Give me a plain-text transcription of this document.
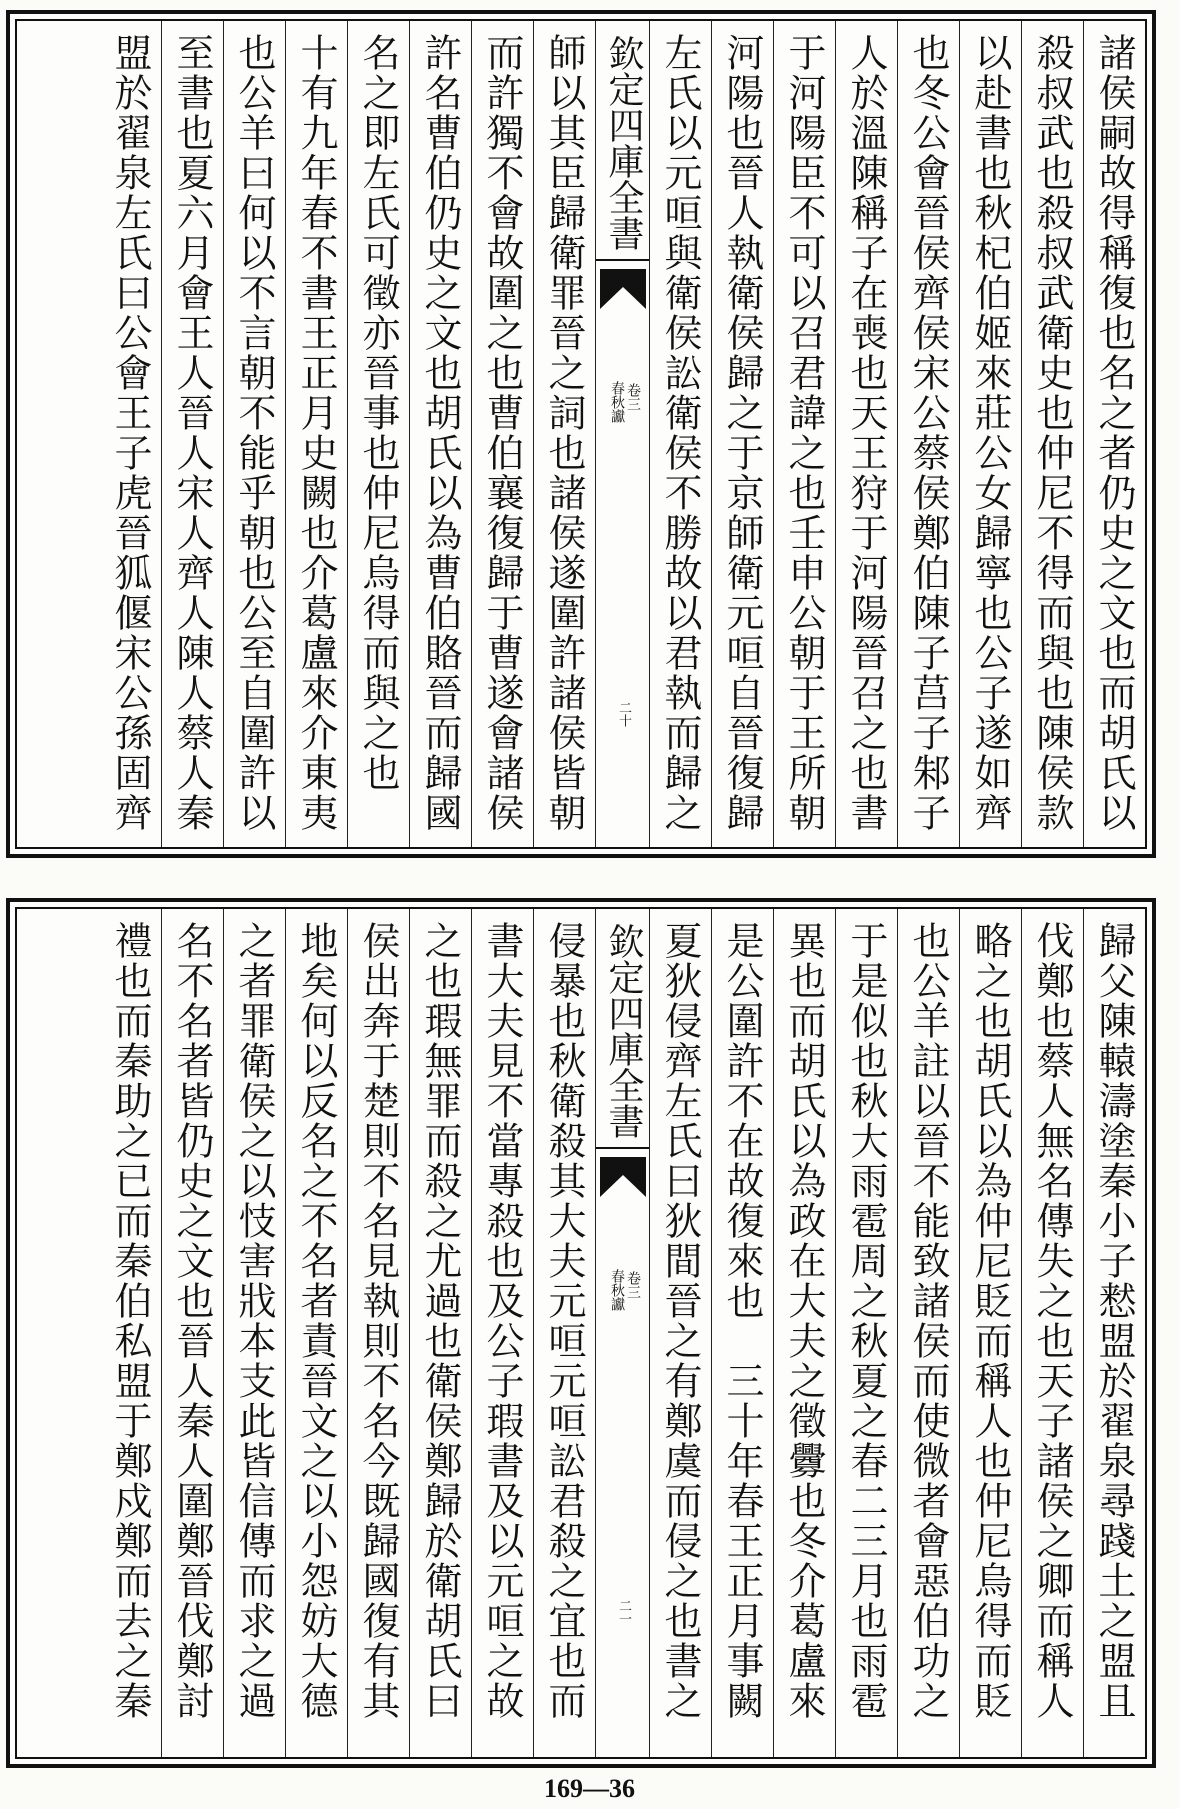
諸侯嗣故得稱復也名之者仍史之文也而胡氏以
殺叔武也殺叔武衛史也仲尼不得而與也陳侯款
以赴書也秋杞伯姬來莊公女歸寧也公子遂如齊
也冬公會晉侯齊侯宋公蔡侯鄭伯陳子莒子邾子
人於溫陳稱子在喪也天王狩于河陽晉召之也書
于河陽臣不可以召君諱之也壬申公朝于王所朝
河陽也晉人執衛侯歸之于京師衛元咺自晉復歸
左氏以元咺與衛侯訟衛侯不勝故以君執而歸之
欽定四庫全書
春秋讞 卷三
二十
師以其臣歸衛罪晉之詞也諸侯遂圍許諸侯皆朝
而許獨不會故圍之也曹伯襄復歸于曹遂會諸侯
許名曹伯仍史之文也胡氏以為曹伯賂晉而歸國
名之即左氏可徵亦晉事也仲尼烏得而與之也　
十有九年春不書王正月史闕也介葛盧來介東夷
也公羊曰何以不言朝不能乎朝也公至自圍許以
至書也夏六月會王人晉人宋人齊人陳人蔡人秦
盟於翟泉左氏曰公會王子虎晉狐偃宋公孫固齊
歸父陳轅濤塗秦小子慭盟於翟泉尋踐土之盟且
伐鄭也蔡人無名傳失之也天子諸侯之卿而稱人
略之也胡氏以為仲尼貶而稱人也仲尼烏得而貶
也公羊註以晉不能致諸侯而使微者會惡伯功之
于是似也秋大雨雹周之秋夏之春二三月也雨雹
異也而胡氏以為政在大夫之徵釁也冬介葛盧來
是公圍許不在故復來也　三十年春王正月事闕
夏狄侵齊左氏曰狄間晉之有鄭虞而侵之也書之
欽定四庫全書
春秋讞 卷三
二一
侵暴也秋衛殺其大夫元咺元咺訟君殺之宜也而
書大夫見不當專殺也及公子瑕書及以元咺之故
之也瑕無罪而殺之尤過也衛侯鄭歸於衛胡氏曰
侯出奔于楚則不名見執則不名今既歸國復有其
地矣何以反名之不名者責晉文之以小怨妨大德
之者罪衛侯之以忮害戕本支此皆信傳而求之過
名不名者皆仍史之文也晉人秦人圍鄭晉伐鄭討
禮也而秦助之已而秦伯私盟于鄭戍鄭而去之秦
169—36
